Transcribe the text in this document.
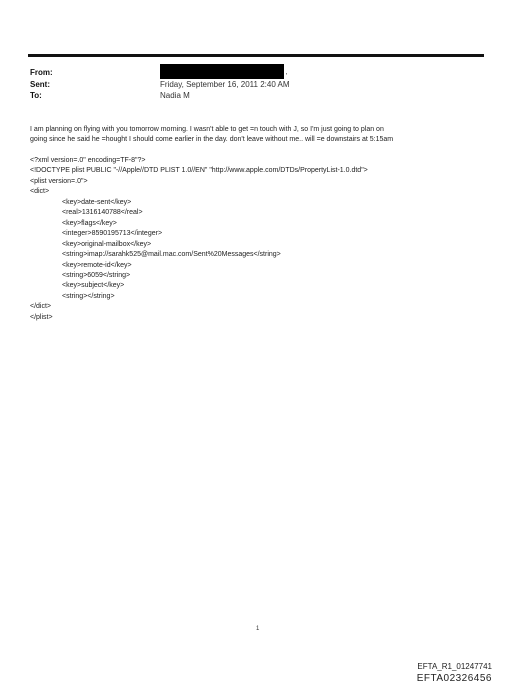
From:	'
Sent:	Friday, September 16, 2011 2:40 AM
To:	Nadia M

I am planning on flying with you tomorrow morning. I wasn't able to get =n touch with J, so I'm just going to plan on

going since he said he =hought I should come earlier in the day. don't leave without me.. will =e downstairs at 5:15am

<?xml version=.0" encoding=TF-8"?>
<!DOCTYPE plist PUBLIC "-//Apple//DTD PLIST 1.0//EN" "http://www.apple.com/DTDs/PropertyList-1.0.dtd">
<plist version=.0">
<dict>
<key>date-sent</key>
<real>1316140788</real>
<key>flags</key>
<integer>8590195713</integer>
<key>original-mailbox</key>
<string>imap://sarahk525@mail.mac.com/Sent%20Messages</string>
<key>remote-id</key>
<string>6059</string>
<key>subject</key>
<string></string>
</dict>
</plist>
1
EFTA_R1_01247741
EFTA02326456
